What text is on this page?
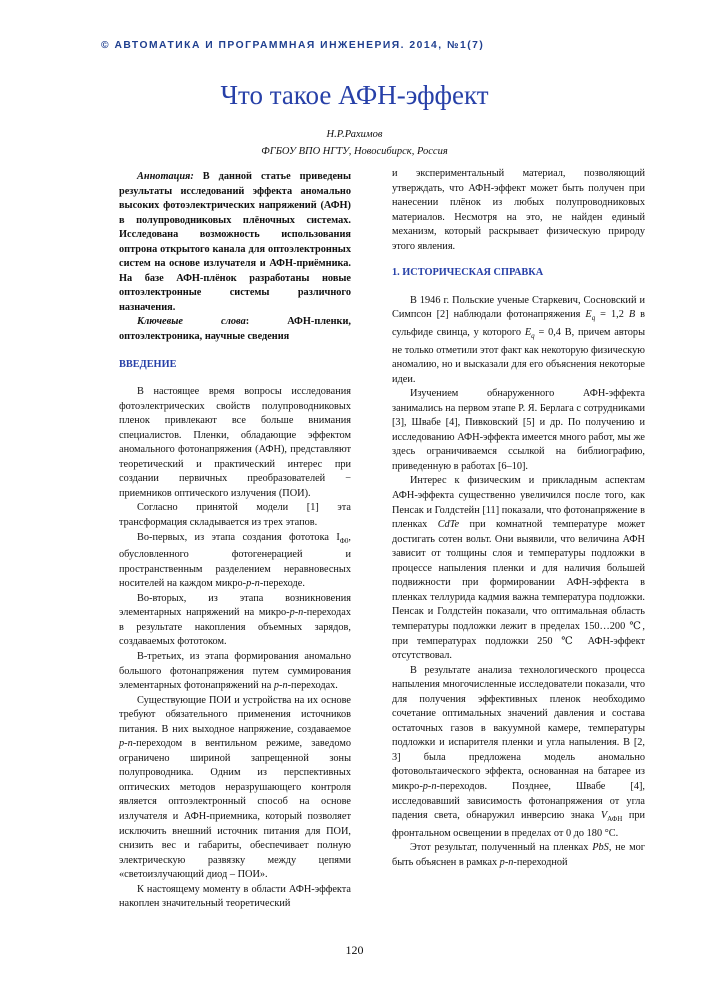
© АВТОМАТИКА И ПРОГРАММНАЯ ИНЖЕНЕРИЯ. 2014, №1(7)
Что такое АФН-эффект
Н.Р.Рахимов
ФГБОУ ВПО НГТУ, Новосибирск, Россия

Аннотация: В данной статье приведены результаты исследований эффекта аномально высоких фотоэлектрических напряжений (АФН) в полупроводниковых плёночных системах. Исследована возможность использования оптрона открытого канала для оптоэлектронных систем на основе излучателя и АФН-приёмника. На базе АФН-плёнок разработаны новые оптоэлектронные системы различного назначения.

Ключевые слова: АФН-пленки, оптоэлектроника, научные сведения

ВВЕДЕНИЕ

В настоящее время вопросы исследования фотоэлектрических свойств полупроводниковых пленок привлекают все больше внимания специалистов. Пленки, обладающие эффектом аномального фотонапряжения (АФН), представляют теоретический и практический интерес при создании первичных преобразователей − приемников оптического излучения (ПОИ).

Согласно принятой модели [1] эта трансформация складывается из трех этапов.

Во-первых, из этапа создания фототока $I_{\Phi 0}$, обусловленного фотогенерацией и пространственным разделением неравновесных носителей на каждом микро-p-n-переходе.

Во-вторых, из этапа возникновения элементарных напряжений на микро-p-n-переходах в результате накопления объемных зарядов, создаваемых фототоком.

В-третьих, из этапа формирования аномально большого фотонапряжения путем суммирования элементарных фотонапряжений на p-n-переходах.

Существующие ПОИ и устройства на их основе требуют обязательного применения источников питания. В них выходное напряжение, создаваемое p-n-переходом в вентильном режиме, заведомо ограничено шириной запрещенной зоны полупроводника. Одним из перспективных оптических методов неразрушающего контроля является оптоэлектронный способ на основе излучателя и АФН-приемника, который позволяет исключить внешний источник питания для ПОИ, снизить вес и габариты, обеспечивает полную электрическую развязку между цепями «светоизлучающий диод – ПОИ».

К настоящему моменту в области АФН-эффекта накоплен значительный теоретический

и экспериментальный материал, позволяющий утверждать, что АФН-эффект может быть получен при нанесении плёнок из любых полупроводниковых материалов. Несмотря на это, не найден единый механизм, который раскрывает физическую природу этого явления.

1. ИСТОРИЧЕСКАЯ СПРАВКА

В 1946 г. Польские ученые Старкевич, Сосновский и Симпсон [2] наблюдали фотонапряжения $E_q = 1,2$ В в сульфиде свинца, у которого $E_q = 0,4$ В, причем авторы не только отметили этот факт как некоторую физическую аномалию, но и высказали для его объяснения некоторые идеи.

Изучением обнаруженного АФН-эффекта занимались на первом этапе Р. Я. Берлага с сотрудниками [3], Швабе [4], Пивковский [5] и др. По получению и исследованию АФН-эффекта имеется много работ, мы же здесь ограничиваемся ссылкой на библиографию, приведенную в работах [6–10].

Интерес к физическим и прикладным аспектам АФН-эффекта существенно увеличился после того, как Пенсак и Голдстейн [11] показали, что фотонапряжение в пленках CdTe при комнатной температуре может достигать сотен вольт. Они выявили, что величина АФН зависит от толщины слоя и температуры подложки в процессе напыления пленки и для наличия большей подвижности при формировании АФН-эффекта в пленках теллурида кадмия важна температура подложки. Пенсак и Голдстейн показали, что оптимальная область температуры подложки лежит в пределах 150…200 ℃, при температурах подложки 250 ℃ АФН-эффект отсутствовал.

В результате анализа технологического процесса напыления многочисленные исследователи показали, что для получения эффективных пленок необходимо сочетание оптимальных значений давления и состава остаточных газов в вакуумной камере, температуры подложки и испарителя пленки и угла напыления. В [2, 3] была предложена модель аномально фотовольтаического эффекта, основанная на батарее из микро-p-n-переходов. Позднее, Швабе [4], исследовавший зависимость фотонапряжения от угла падения света, обнаружил инверсию знака $V_{АФН}$ при фронтальном освещении в пределах от 0 до 180 °C.

Этот результат, полученный на пленках PbS, не мог быть объяснен в рамках p-n-переходной

120
